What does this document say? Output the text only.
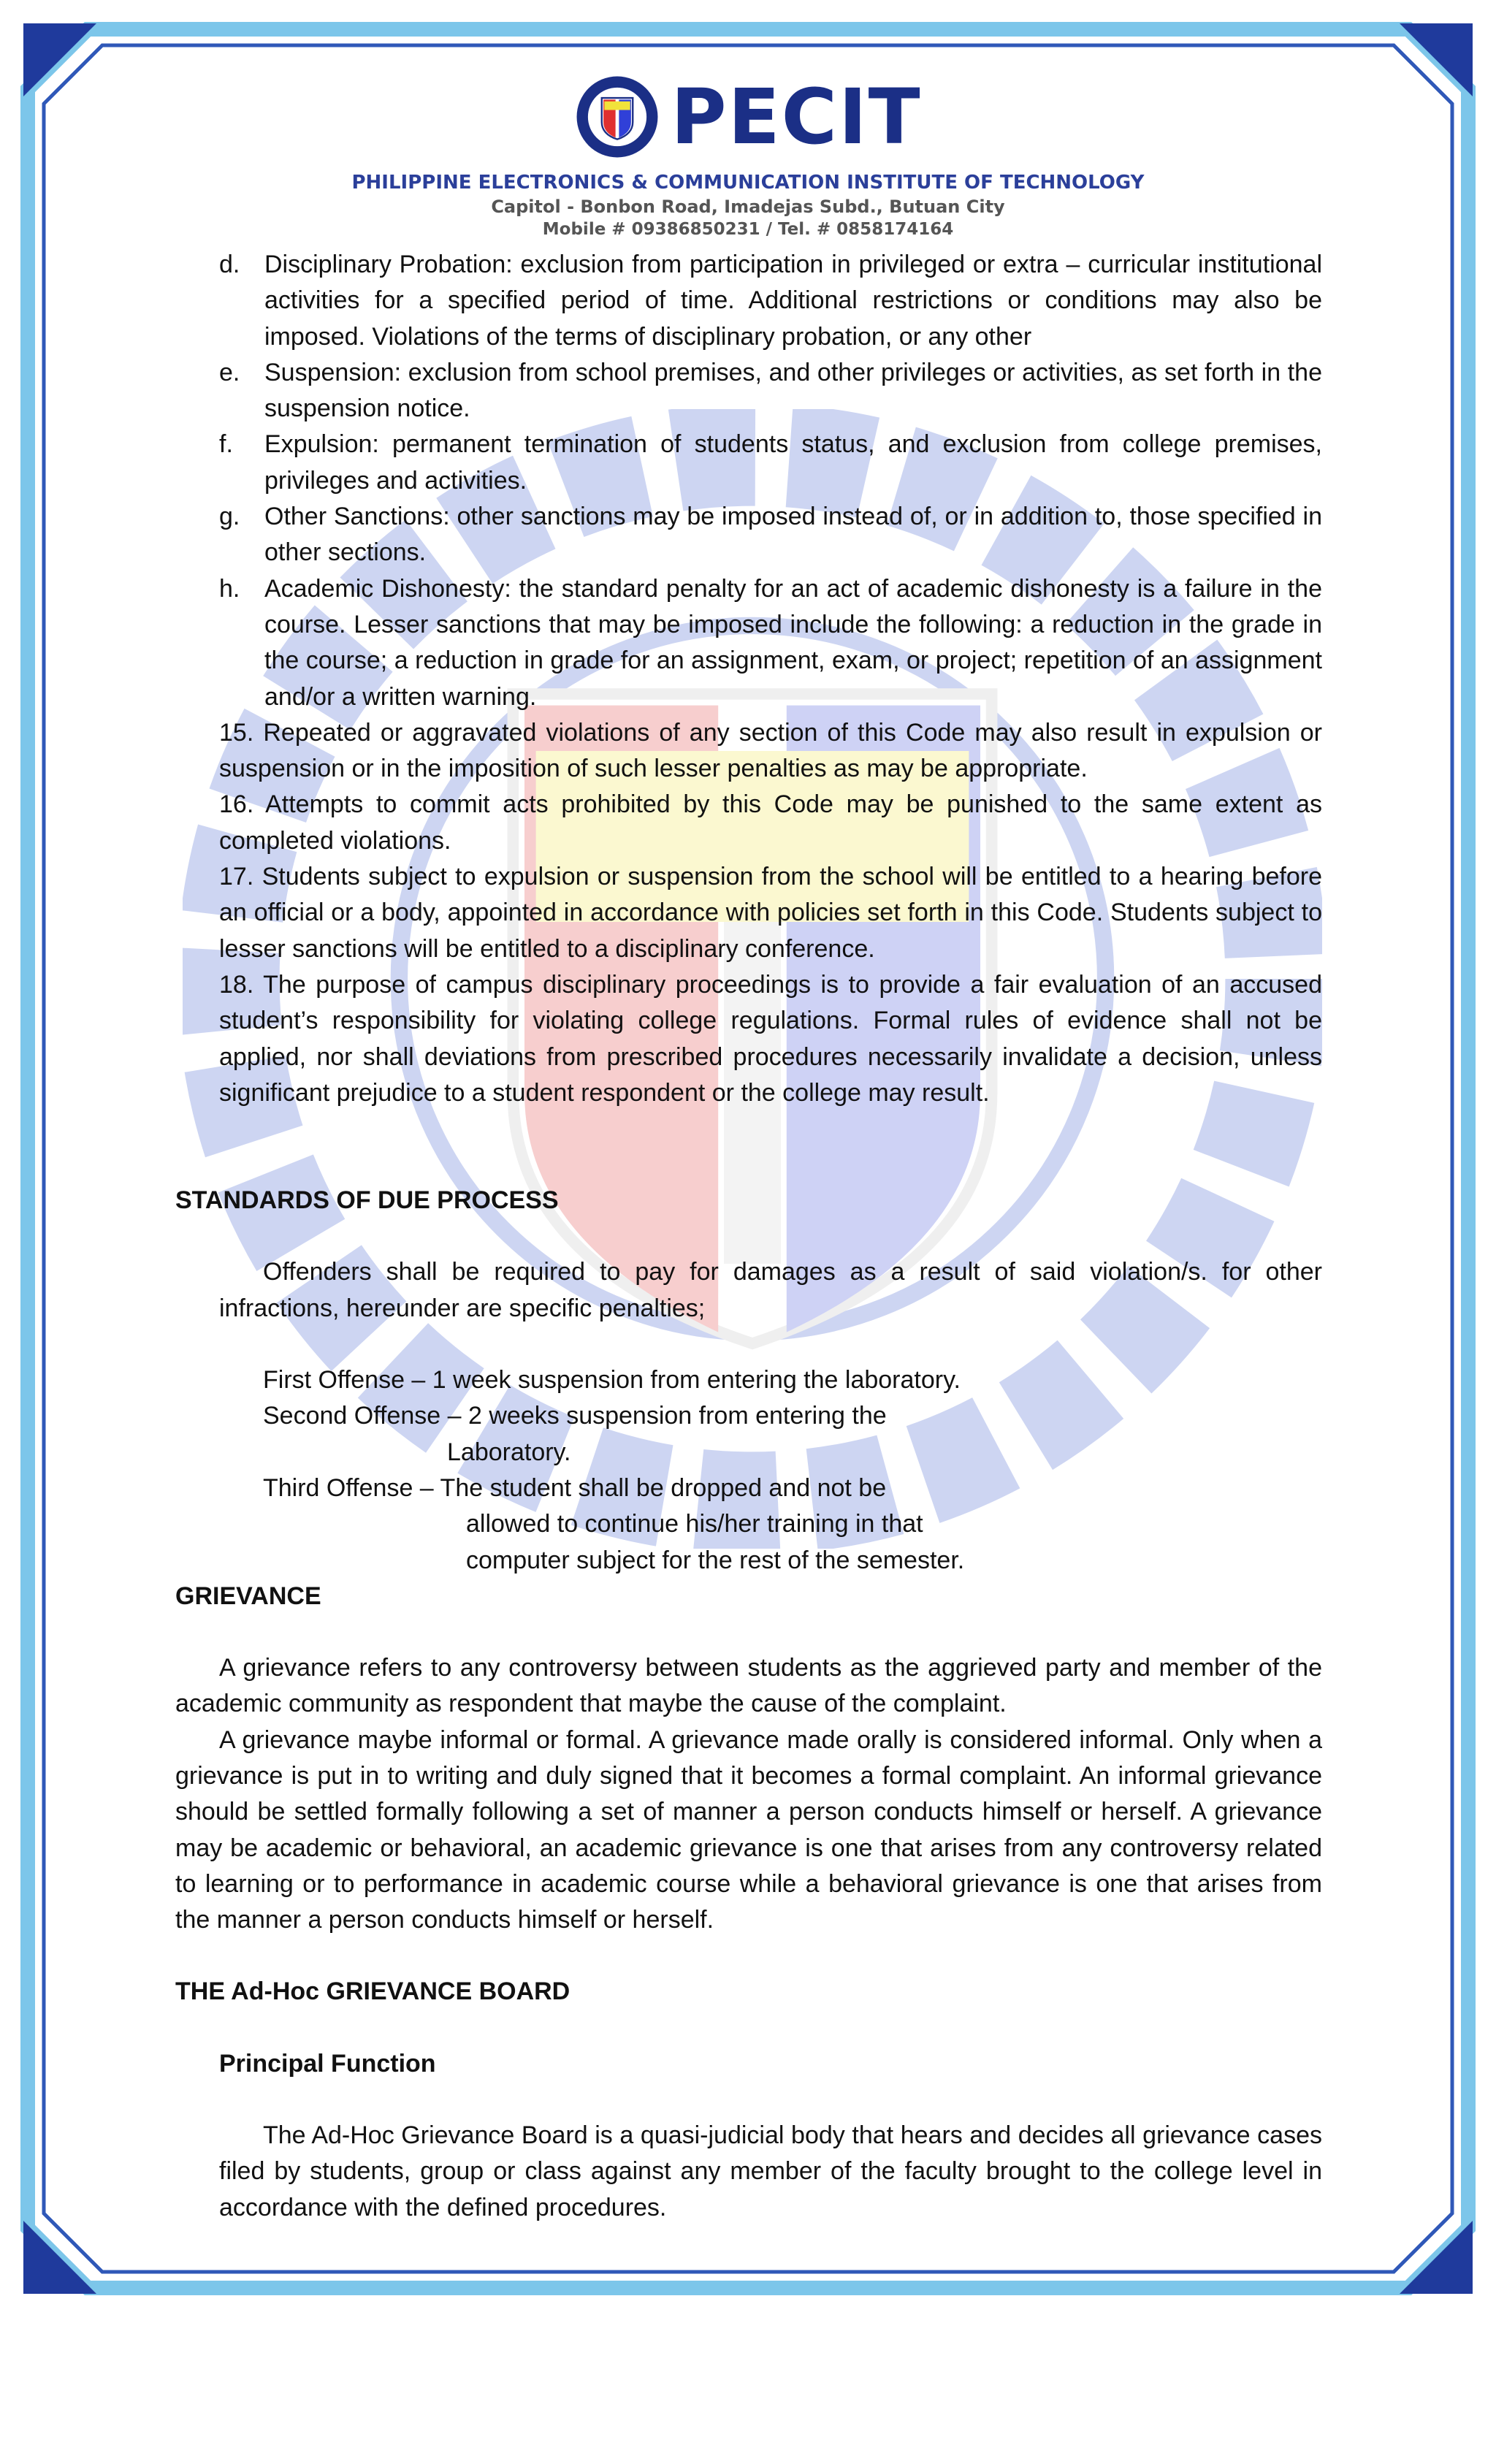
PECIT
PHILIPPINE ELECTRONICS & COMMUNICATION INSTITUTE OF TECHNOLOGY
Capitol - Bonbon Road, Imadejas Subd., Butuan City
Mobile # 09386850231 / Tel. # 0858174164
d. Disciplinary Probation: exclusion from participation in privileged or extra – curricular institutional activities for a specified period of time. Additional restrictions or conditions may also be imposed. Violations of the terms of disciplinary probation, or any other
e. Suspension: exclusion from school premises, and other privileges or activities, as set forth in the suspension notice.
f.	Expulsion: permanent termination of students status, and exclusion from college premises, privileges and activities.
g. Other Sanctions: other sanctions may be imposed instead of, or in addition to, those specified in other sections.
h. Academic Dishonesty: the standard penalty for an act of academic dishonesty is a failure in the course. Lesser sanctions that may be imposed include the following: a reduction in the grade in the course; a reduction in grade for an assignment, exam, or project; repetition of an assignment and/or a written warning.
15. Repeated or aggravated violations of any section of this Code may also result in expulsion or suspension or in the imposition of such lesser penalties as may be appropriate.
16. Attempts to commit acts prohibited by this Code may be punished to the same extent as completed violations.
17. Students subject to expulsion or suspension from the school will be entitled to a hearing before an official or a body, appointed in accordance with policies set forth in this Code. Students subject to lesser sanctions will be entitled to a disciplinary conference.
18. The purpose of campus disciplinary proceedings is to provide a fair evaluation of an accused student’s responsibility for violating college regulations. Formal rules of evidence shall not be applied, nor shall deviations from prescribed procedures necessarily invalidate a decision, unless significant prejudice to a student respondent or the college may result.
STANDARDS OF DUE PROCESS
Offenders shall be required to pay for damages as a result of said violation/s. for other infractions, hereunder are specific penalties;
First Offense – 1 week suspension from entering the laboratory.
Second Offense – 2 weeks suspension from entering the
Laboratory.
Third Offense – The student shall be dropped and not be
allowed to continue his/her training in that
computer subject for the rest of the semester.
GRIEVANCE
A grievance refers to any controversy between students as the aggrieved party and member of the academic community as respondent that maybe the cause of the complaint.
A grievance maybe informal or formal. A grievance made orally is considered informal. Only when a grievance is put in to writing and duly signed that it becomes a formal complaint. An informal grievance should be settled formally following a set of manner a person conducts himself or herself. A grievance may be academic or behavioral, an academic grievance is one that arises from any controversy related to learning or to performance in academic course while a behavioral grievance is one that arises from the manner a person conducts himself or herself.
THE Ad-Hoc GRIEVANCE BOARD
Principal Function
The Ad-Hoc Grievance Board is a quasi-judicial body that hears and decides all grievance cases filed by students, group or class against any member of the faculty brought to the college level in accordance with the defined procedures.
